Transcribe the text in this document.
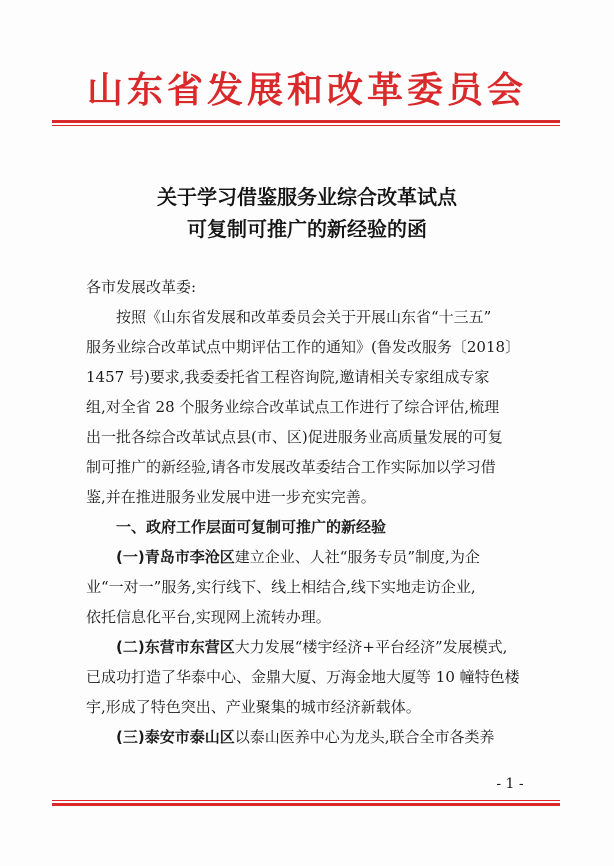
山东省发展和改革委员会
关于学习借鉴服务业综合改革试点
可复制可推广的新经验的函

各市发展改革委:

按照《山东省发展和改革委员会关于开展山东省“十三五”

服务业综合改革试点中期评估工作的通知》(鲁发改服务〔2018〕

1457 号)要求,我委委托省工程咨询院,邀请相关专家组成专家

组,对全省 28 个服务业综合改革试点工作进行了综合评估,梳理

出一批各综合改革试点县(市、区)促进服务业高质量发展的可复

制可推广的新经验,请各市发展改革委结合工作实际加以学习借

鉴,并在推进服务业发展中进一步充实完善。

一、政府工作层面可复制可推广的新经验

(一)青岛市李沧区建立企业、人社“服务专员”制度,为企

业“一对一”服务,实行线下、线上相结合,线下实地走访企业,

依托信息化平台,实现网上流转办理。

(二)东营市东营区大力发展“楼宇经济+平台经济”发展模式,

已成功打造了华泰中心、金鼎大厦、万海金地大厦等 10 幢特色楼

宇,形成了特色突出、产业聚集的城市经济新载体。

(三)泰安市泰山区以泰山医养中心为龙头,联合全市各类养

- 1 -
